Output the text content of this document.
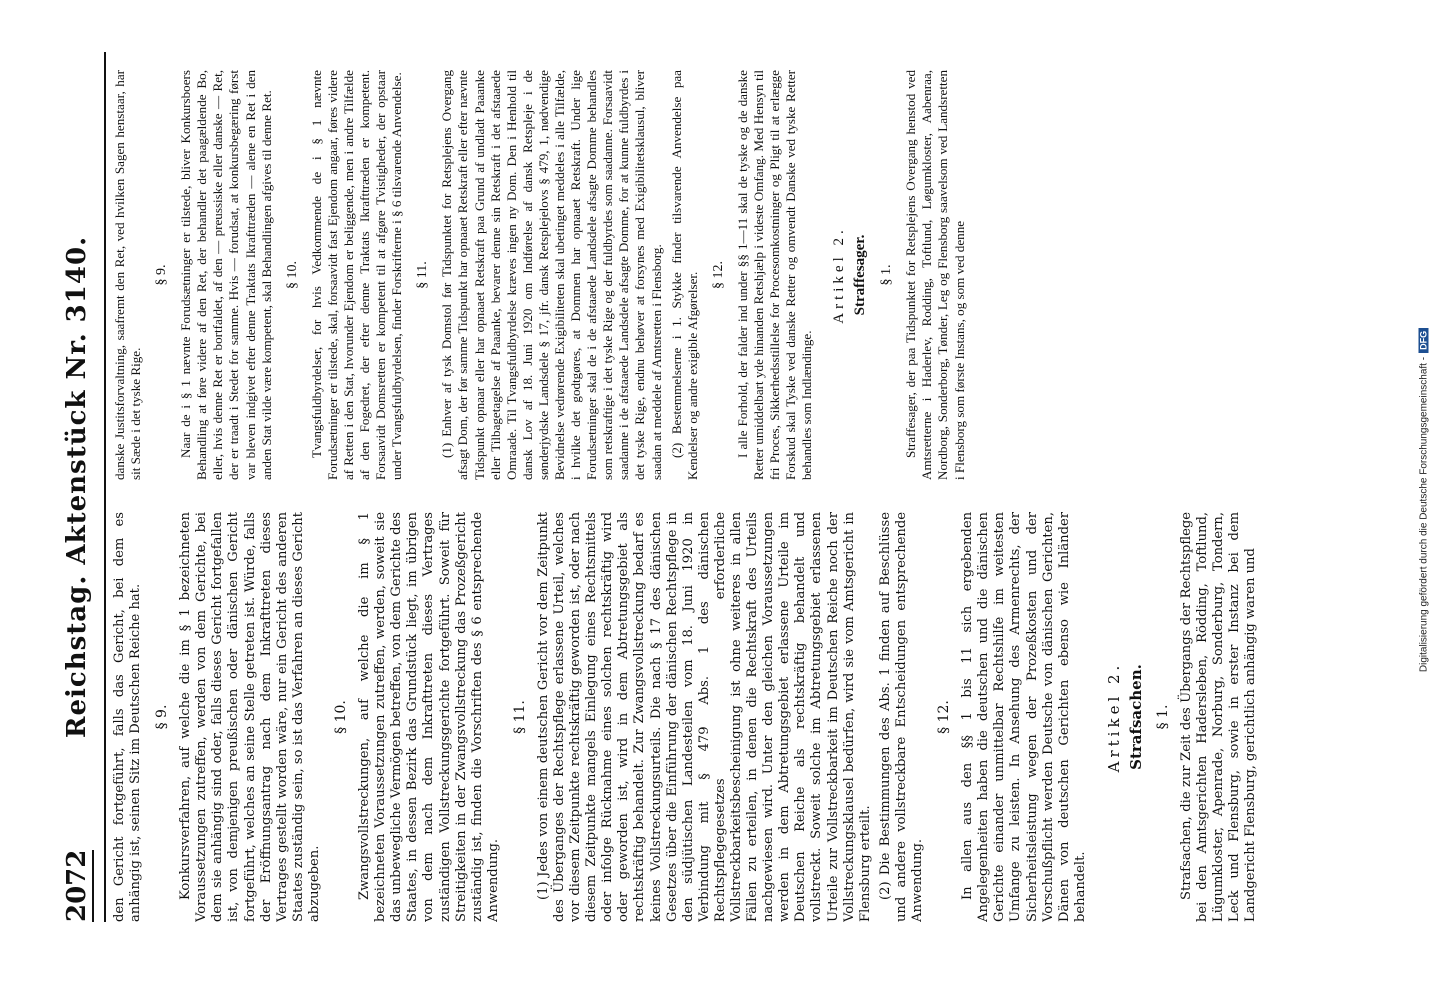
Reichstag. Aktenstück Nr. 3140.
2072 den Gericht fortgeführt, falls das Gericht, bei dem es anhängig ist, seinen Sitz im Deutschen Reiche hat. § 9. Konkursverfahren, auf welche die im § 1 bezeichneten Voraussetzungen zutreffen, werden von dem Gerichte, bei dem sie anhängig sind oder, falls dieses Gericht fortgefallen ist, von demjenigen preußischen oder dänischen Gericht fortgeführt, welches an seine Stelle getreten ist. Würde, falls der Eröffnungsantrag nach dem Inkrafttreten dieses Vertrages gestellt worden wäre, nur ein Gericht des anderen Staates zuständig sein, so ist das Verfahren an dieses Gericht abzugeben.

§ 10. Zwangsvollstreckungen, auf welche die im § 1 bezeichneten Voraussetzungen zutreffen, werden, soweit sie das unbewegliche Vermögen betreffen, von dem Gerichte des Staates, in dessen Bezirk das Grundstück liegt, im übrigen von dem nach dem Inkrafttreten dieses Vertrages zuständigen Vollstreckungsgerichte fortgeführt. Soweit für Streitigkeiten in der Zwangsvollstreckung das Prozeßgericht zuständig ist, finden die Vorschriften des § 6 entsprechende Anwendung.

§ 11. (1) Jedes von einem deutschen Gericht vor dem Zeitpunkt des Überganges der Rechtspflege erlassene Urteil, welches vor diesem Zeitpunkte rechtskräftig geworden ist, oder nach diesem Zeitpunkte mangels Einlegung eines Rechtsmittels oder infolge Rücknahme eines solchen rechtskräftig wird oder geworden ist, wird in dem Abtretungsgebiet als rechtskräftig behandelt. Zur Zwangsvollstreckung bedarf es keines Vollstreckungsurteils. Die nach § 17 des dänischen Gesetzes über die Einführung der dänischen Rechtspflege in den südjütischen Landesteilen vom 18. Juni 1920 in Verbindung mit § 479 Abs. 1 des dänischen Rechtspflegegesetzes erforderliche Vollstreckbarkeitsbescheinigung ist ohne weiteres in allen Fällen zu erteilen, in denen die Rechtskraft des Urteils nachgewiesen wird. Unter den gleichen Voraussetzungen werden in dem Abtretungsgebiet erlassene Urteile im Deutschen Reiche als rechtskräftig behandelt und vollstreckt. Soweit solche im Abtretungsgebiet erlassenen Urteile zur Vollstreckbarkeit im Deutschen Reiche noch der Vollstreckungsklausel bedürfen, wird sie vom Amtsgericht in Flensburg erteilt. (2) Die Bestimmungen des Abs. 1 finden auf Beschlüsse und andere vollstreckbare Entscheidungen entsprechende Anwendung.

§ 12. In allen aus den §§ 1 bis 11 sich ergebenden Angelegenheiten haben die deutschen und die dänischen Gerichte einander unmittelbar Rechtshilfe im weitesten Umfange zu leisten. In Ansehung des Armenrechts, der Sicherheitsleistung wegen der Prozeßkosten und der Vorschußpflicht werden Deutsche von dänischen Gerichten, Dänen von deutschen Gerichten ebenso wie Inländer behandelt.

Artikel 2. Strafsachen. § 1. Strafsachen, die zur Zeit des Übergangs der Rechtspflege bei den Amtsgerichten Hadersleben, Rödding, Toftlund, Lügumkloster, Apenrade, Norburg, Sonderburg, Tondern, Leck und Flensburg, sowie in erster Instanz bei dem Landgericht Flensburg, gerichtlich anhängig waren und

danske Justitsforvaltning, saafremt den Ret, ved hvilken Sagen henstaar, har sit Sæde i det tyske Rige.

§ 9. Naar de i § 1 nævnte Forudsætninger er tilstede, bliver Konkursboers Behandling at føre videre af den Ret, der behandler det paagældende Bo, eller, hvis denne Ret er bortfaldet, af den — preussiske eller danske — Ret, der er traadt i Stedet for samme. Hvis — forudsat, at konkursbegæring først var bleven indgivet efter denne Traktats Ikrafttræden — alene en Ret i den anden Stat vilde være kompetent, skal Behandlingen afgives til denne Ret. § 10. Tvangsfuldbyrdelser, for hvis Vedkommende de i § 1 nævnte Forudsætninger er tilstede, skal, forsaavidt fast Ejendom angaar, føres videre af Retten i den Stat, hvorunder Ejendom er beliggende, men i andre Tilfælde af den Fogedret, der efter denne Traktats Ikrafttræden er kompetent. Forsaavidt Domsretten er kompetent til at afgøre Tvistigheder, der opstaar under Tvangsfuldbyrdelsen, finder Forskrifterne i § 6 tilsvarende Anvendelse. § 11. (1) Enhver af tysk Domstol før Tidspunktet for Retsplejens Overgang afsagt Dom, der før samme Tidspunkt har opnaaet Retskraft eller efter nævnte Tidspunkt opnaar eller har opnaaet Retskraft paa Grund af undladt Paaanke eller Tilbagetagelse af Paaanke, bevarer denne sin Retskraft i det afstaaede Omraade. Til Tvangsfuldbyrdelse kræves ingen ny Dom. Den i Henhold til dansk Lov af 18. Juni 1920 om Indførelse af dansk Retspleje i de sønderjydske Landsdele § 17, jfr. dansk Retsplejelovs § 479, 1, nødvendige Bevidnelse vedrørende Exigibiliteten skal ubetinget meddeles i alle Tilfælde, i hvilke det godtgøres, at Dommen har opnaaet Retskraft. Under lige Forudsætninger skal de i de afstaaede Landsdele afsagte Domme behandles som retskraftige i det tyske Rige og der fuldbyrdes som saadanne. Forsaavidt saadanne i de afstaaede Landsdele afsagte Domme, for at kunne fuldbyrdes i det tyske Rige, endnu behøver at forsynes med Exigibilitetsklausul, bliver saadan at meddele af Amtsretten i Flensborg. (2) Bestemmelserne i 1. Stykke finder tilsvarende Anvendelse paa Kendelser og andre exigible Afgørelser. § 12. I alle Forhold, der falder ind under §§ 1—11 skal de tyske og de danske Retter umiddelbart yde hinanden Retshjælp i videste Omfang. Med Hensyn til fri Proces, Sikkerhedsstillelse for Procesomkostninger og Pligt til at erlægge Forskud skal Tyske ved danske Retter og omvendt Danske ved tyske Retter behandles som Indlændinge.

Artikel 2. Straffesager. § 1. Straffesager, der paa Tidspunktet for Retsplejens Overgang henstod ved Amtsretterne i Haderlev, Rodding, Toftlund, Løgumkloster, Aabenraa, Nordborg, Sonderborg, Tønder, Leg og Flensborg saavelsom ved Landsretten i Flensborg som første Instans, og som ved denne

Digitalisierung gefördert durch die Deutsche Forschungsgemeinschaft -DFG
